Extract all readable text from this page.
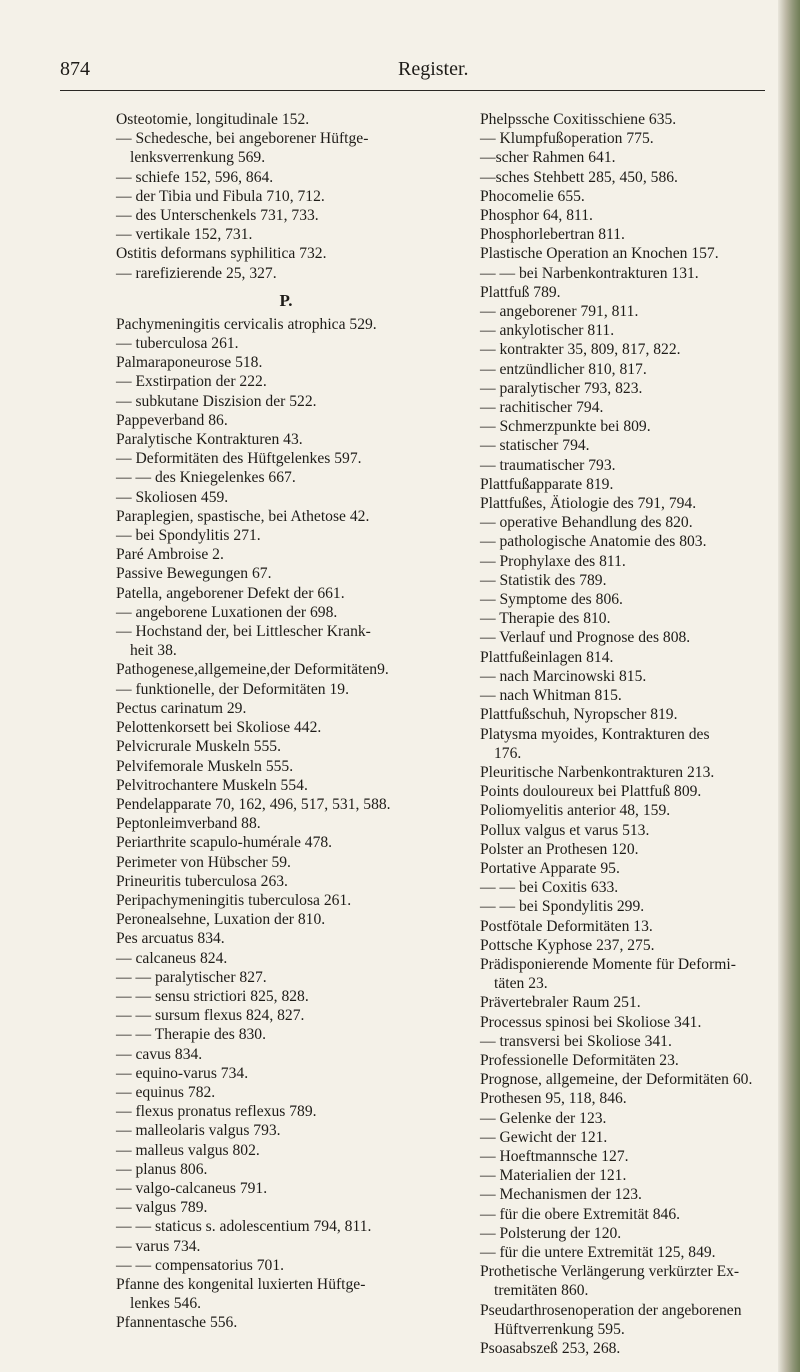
874	Register.
Osteotomie, longitudinale 152.
— Schedesche, bei angeborener Hüftge-
lenksverrenkung 569.
— schiefe 152, 596, 864.
— der Tibia und Fibula 710, 712.
— des Unterschenkels 731, 733.
— vertikale 152, 731.
Ostitis deformans syphilitica 732.
— rarefizierende 25, 327.
P.
Pachymeningitis cervicalis atrophica 529.
— tuberculosa 261.
Palmaraponeurose 518.
— Exstirpation der 222.
— subkutane Diszision der 522.
Pappeverband 86.
Paralytische Kontrakturen 43.
— Deformitäten des Hüftgelenkes 597.
— — des Kniegelenkes 667.
— Skoliosen 459.
Paraplegien, spastische, bei Athetose 42.
— bei Spondylitis 271.
Paré Ambroise 2.
Passive Bewegungen 67.
Patella, angeborener Defekt der 661.
— angeborene Luxationen der 698.
— Hochstand der, bei Littlescher Krank-
heit 38.
Pathogenese,allgemeine,der Deformitäten9.
— funktionelle, der Deformitäten 19.
Pectus carinatum 29.
Pelottenkorsett bei Skoliose 442.
Pelvicrurale Muskeln 555.
Pelvifemorale Muskeln 555.
Pelvitrochantere Muskeln 554.
Pendelapparate 70, 162, 496, 517, 531, 588.
Peptonleimverband 88.
Periarthrite scapulo-humérale 478.
Perimeter von Hübscher 59.
Prineuritis tuberculosa 263.
Peripachymeningitis tuberculosa 261.
Peronealsehne, Luxation der 810.
Pes arcuatus 834.
— calcaneus 824.
— — paralytischer 827.
— — sensu strictiori 825, 828.
— — sursum flexus 824, 827.
— — Therapie des 830.
— cavus 834.
— equino-varus 734.
— equinus 782.
— flexus pronatus reflexus 789.
— malleolaris valgus 793.
— malleus valgus 802.
— planus 806.
— valgo-calcaneus 791.
— valgus 789.
— — staticus s. adolescentium 794, 811.
— varus 734.
— — compensatorius 701.
Pfanne des kongenital luxierten Hüftge-
lenkes 546.
Pfannentasche 556.
Phelpssche Coxitisschiene 635.
— Klumpfußoperation 775.
—scher Rahmen 641.
—sches Stehbett 285, 450, 586.
Phocomelie 655.
Phosphor 64, 811.
Phosphorlebertran 811.
Plastische Operation an Knochen 157.
— — bei Narbenkontrakturen 131.
Plattfuß 789.
— angeborener 791, 811.
— ankylotischer 811.
— kontrakter 35, 809, 817, 822.
— entzündlicher 810, 817.
— paralytischer 793, 823.
— rachitischer 794.
— Schmerzpunkte bei 809.
— statischer 794.
— traumatischer 793.
Plattfußapparate 819.
Plattfußes, Ätiologie des 791, 794.
— operative Behandlung des 820.
— pathologische Anatomie des 803.
— Prophylaxe des 811.
— Statistik des 789.
— Symptome des 806.
— Therapie des 810.
— Verlauf und Prognose des 808.
Plattfußeinlagen 814.
— nach Marcinowski 815.
— nach Whitman 815.
Plattfußschuh, Nyropscher 819.
Platysma myoides, Kontrakturen des
176.
Pleuritische Narbenkontrakturen 213.
Points douloureux bei Plattfuß 809.
Poliomyelitis anterior 48, 159.
Pollux valgus et varus 513.
Polster an Prothesen 120.
Portative Apparate 95.
— — bei Coxitis 633.
— — bei Spondylitis 299.
Postfötale Deformitäten 13.
Pottsche Kyphose 237, 275.
Prädisponierende Momente für Deformi-
täten 23.
Prävertebraler Raum 251.
Processus spinosi bei Skoliose 341.
— transversi bei Skoliose 341.
Professionelle Deformitäten 23.
Prognose, allgemeine, der Deformitäten 60.
Prothesen 95, 118, 846.
— Gelenke der 123.
— Gewicht der 121.
— Hoeftmannsche 127.
— Materialien der 121.
— Mechanismen der 123.
— für die obere Extremität 846.
— Polsterung der 120.
— für die untere Extremität 125, 849.
Prothetische Verlängerung verkürzter Ex-
tremitäten 860.
Pseudarthrosenoperation der angeborenen
Hüftverrenkung 595.
Psoasabszeß 253, 268.
